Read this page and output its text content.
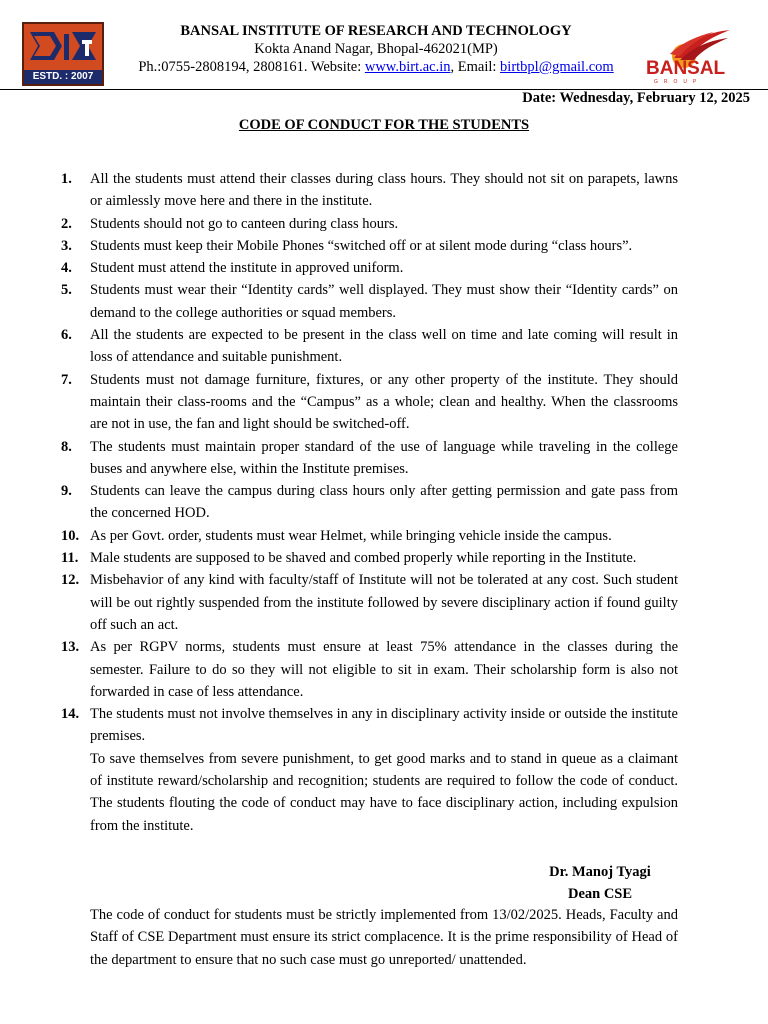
ESTD. : 2007
BANSAL INSTITUTE OF RESEARCH AND TECHNOLOGY
Kokta Anand Nagar, Bhopal-462021(MP)
Ph.:0755-2808194, 2808161. Website: www.birt.ac.in, Email: birtbpl@gmail.com	BANSAL
GROUP
Date: Wednesday, February 12, 2025
CODE OF CONDUCT FOR THE STUDENTS
1.	All the students must attend their classes during class hours. They should not sit on parapets, lawns or aimlessly move here and there in the institute.
2.	Students should not go to canteen during class hours.
3.	Students must keep their Mobile Phones “switched off or at silent mode during “class hours”.
4.	Student must attend the institute in approved uniform.
5.	Students must wear their “Identity cards” well displayed. They must show their “Identity cards” on demand to the college authorities or squad members.
6.	All the students are expected to be present in the class well on time and late coming will result in loss of attendance and suitable punishment.
7.	Students must not damage furniture, fixtures, or any other property of the institute. They should maintain their class-rooms and the “Campus” as a whole; clean and healthy. When the classrooms are not in use, the fan and light should be switched-off.
8.	The students must maintain proper standard of the use of language while traveling in the college buses and anywhere else, within the Institute premises.
9.	Students can leave the campus during class hours only after getting permission and gate pass from the concerned HOD.
10. As per Govt. order, students must wear Helmet, while bringing vehicle inside the campus.
11. Male students are supposed to be shaved and combed properly while reporting in the Institute.
12. Misbehavior of any kind with faculty/staff of Institute will not be tolerated at any cost. Such student will be out rightly suspended from the institute followed by severe disciplinary action if found guilty off such an act.
13. As per RGPV norms, students must ensure at least 75% attendance in the classes during the semester. Failure to do so they will not eligible to sit in exam. Their scholarship form is also not forwarded in case of less attendance.
14. The students must not involve themselves in any in disciplinary activity inside or outside the institute premises.
To save themselves from severe punishment, to get good marks and to stand in queue as a claimant of institute reward/scholarship and recognition; students are required to follow the code of conduct. The students flouting the code of conduct may have to face disciplinary action, including expulsion from the institute.
Dr. Manoj Tyagi
Dean CSE
The code of conduct for students must be strictly implemented from 13/02/2025. Heads, Faculty and Staff of CSE Department must ensure its strict complacence. It is the prime responsibility of Head of the department to ensure that no such case must go unreported/ unattended.
